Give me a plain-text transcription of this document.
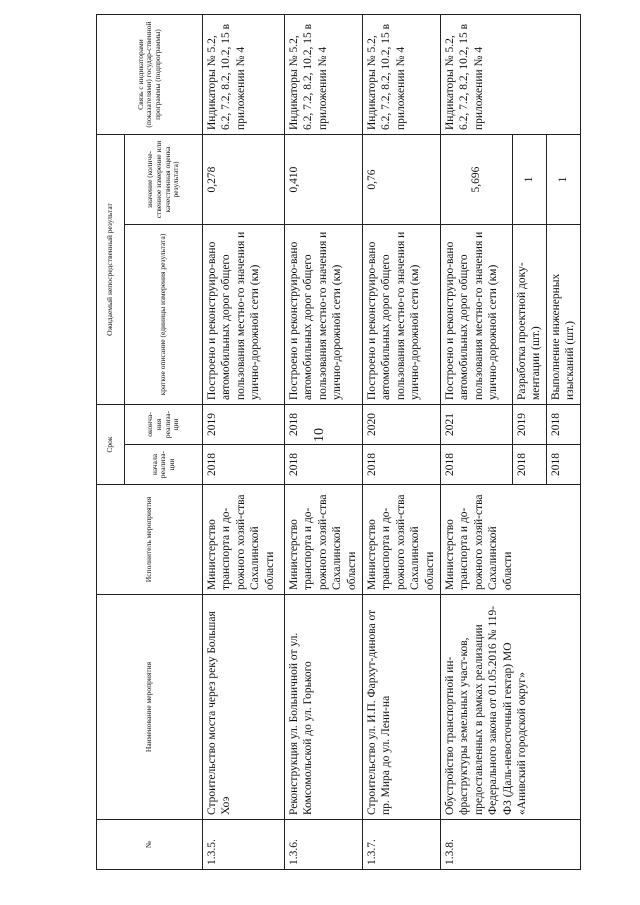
10
№	Наименование мероприятия	Исполнитель мероприятия	Срок		Ожидаемый непосредственный результат		Связь с индикаторами (показателями) государ-ственной программы (подпрограммы)
			начала реализа-ции	оконча-ния реализа-ции	краткое описание (единицы измерения результата)	значение (количе-ственное измерение или качественная оценка результата)	
1.3.5.	Строительство моста через реку Большая Хоэ	Министерство транспорта и до-рожного хозяй-ства Сахалинской области	2018	2019	Построено и реконструиро-вано автомобильных дорог общего пользования местно-го значения и улично-дорожной сети (км)	0,278	Индикаторы № 5.2, 6.2, 7.2, 8.2, 10.2, 15 в приложении № 4
1.3.6.	Реконструкция ул. Больничной от ул. Комсомольской до ул. Горького	Министерство транспорта и до-рожного хозяй-ства Сахалинской области	2018	2018	Построено и реконструиро-вано автомобильных дорог общего пользования местно-го значения и улично-дорожной сети (км)	0,410	Индикаторы № 5.2, 6.2, 7.2, 8.2, 10.2, 15 в приложении № 4
1.3.7.	Строительство ул. И.П. Фархут-динова от пр. Мира до ул. Лени-на	Министерство транспорта и до-рожного хозяй-ства Сахалинской области	2018	2020	Построено и реконструиро-вано автомобильных дорог общего пользования местно-го значения и улично-дорожной сети (км)	0,76	Индикаторы № 5.2, 6.2, 7.2, 8.2, 10.2, 15 в приложении № 4
1.3.8.	Обустройство транспортной ин-фраструктуры земельных участ-ков, предоставленных в рамках реализации Федерального закона от 01.05.2016 № 119-ФЗ (Даль-невосточный гектар) МО «Анивский городской округ»	Министерство транспорта и до-рожного хозяй-ства Сахалинской области	2018	2021	Построено и реконструиро-вано автомобильных дорог общего пользования местно-го значения и улично-дорожной сети (км)	5,696	Индикаторы № 5.2, 6.2, 7.2, 8.2, 10.2, 15 в приложении № 4
			2018	2019	Разработка проектной доку-ментации (шт.)	1	
			2018	2018	Выполнение инженерных изысканий (шт.)	1	
